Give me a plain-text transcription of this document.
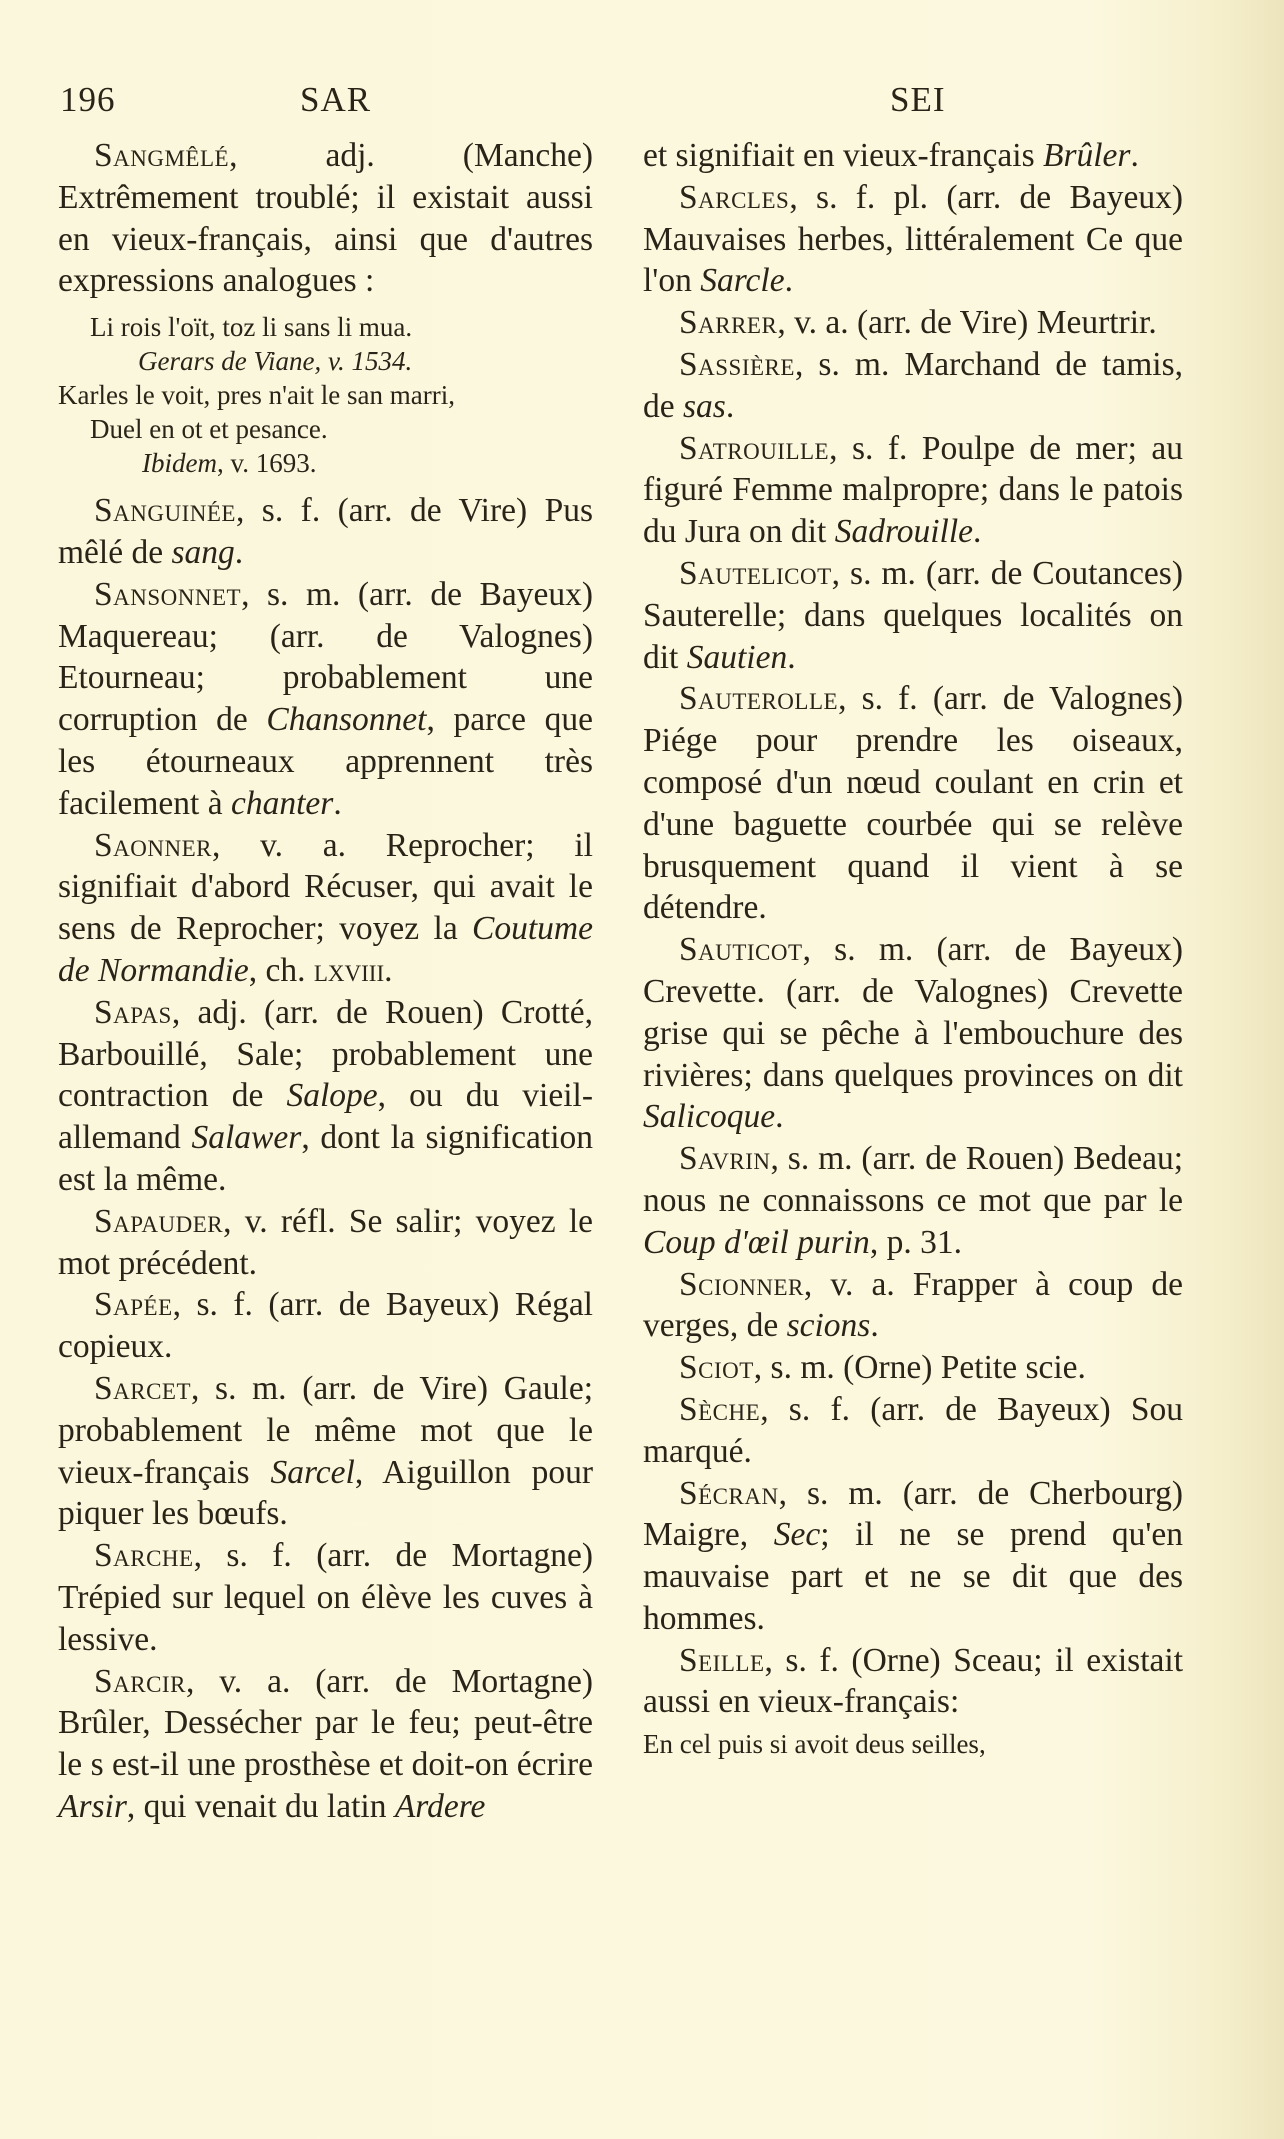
196	SAR	SEI

Sangmêlé, adj. (Manche) Extrêmement troublé; il existait aussi en vieux-français, ainsi que d'autres expressions analogues :

Li rois l'oït, toz li sans li mua.
Gerars de Viane, v. 1534.
Karles le voit, pres n'ait le san marri,
Duel en ot et pesance.
Ibidem, v. 1693.

Sanguinée, s. f. (arr. de Vire) Pus mêlé de sang.

Sansonnet, s. m. (arr. de Bayeux) Maquereau; (arr. de Valognes) Etourneau; probablement une corruption de Chansonnet, parce que les étourneaux apprennent très facilement à chanter.

Saonner, v. a. Reprocher; il signifiait d'abord Récuser, qui avait le sens de Reprocher; voyez la Coutume de Normandie, ch. lxviii.

Sapas, adj. (arr. de Rouen) Crotté, Barbouillé, Sale; probablement une contraction de Salope, ou du vieil-allemand Salawer, dont la signification est la même.

Sapauder, v. réfl. Se salir; voyez le mot précédent.

Sapée, s. f. (arr. de Bayeux) Régal copieux.

Sarcet, s. m. (arr. de Vire) Gaule; probablement le même mot que le vieux-français Sarcel, Aiguillon pour piquer les bœufs.

Sarche, s. f. (arr. de Mortagne) Trépied sur lequel on élève les cuves à lessive.

Sarcir, v. a. (arr. de Mortagne) Brûler, Dessécher par le feu; peut-être le s est-il une prosthèse et doit-on écrire Arsir, qui venait du latin Ardere

et signifiait en vieux-français Brûler.

Sarcles, s. f. pl. (arr. de Bayeux) Mauvaises herbes, littéralement Ce que l'on Sarcle.

Sarrer, v. a. (arr. de Vire) Meurtrir.

Sassière, s. m. Marchand de tamis, de sas.

Satrouille, s. f. Poulpe de mer; au figuré Femme malpropre; dans le patois du Jura on dit Sadrouille.

Sautelicot, s. m. (arr. de Coutances) Sauterelle; dans quelques localités on dit Sautien.

Sauterolle, s. f. (arr. de Valognes) Piége pour prendre les oiseaux, composé d'un nœud coulant en crin et d'une baguette courbée qui se relève brusquement quand il vient à se détendre.

Sauticot, s. m. (arr. de Bayeux) Crevette. (arr. de Valognes) Crevette grise qui se pêche à l'embouchure des rivières; dans quelques provinces on dit Salicoque.

Savrin, s. m. (arr. de Rouen) Bedeau; nous ne connaissons ce mot que par le Coup d'œil purin, p. 31.

Scionner, v. a. Frapper à coup de verges, de scions.

Sciot, s. m. (Orne) Petite scie.

Sèche, s. f. (arr. de Bayeux) Sou marqué.

Sécran, s. m. (arr. de Cherbourg) Maigre, Sec; il ne se prend qu'en mauvaise part et ne se dit que des hommes.

Seille, s. f. (Orne) Sceau; il existait aussi en vieux-français:

En cel puis si avoit deus seilles,
